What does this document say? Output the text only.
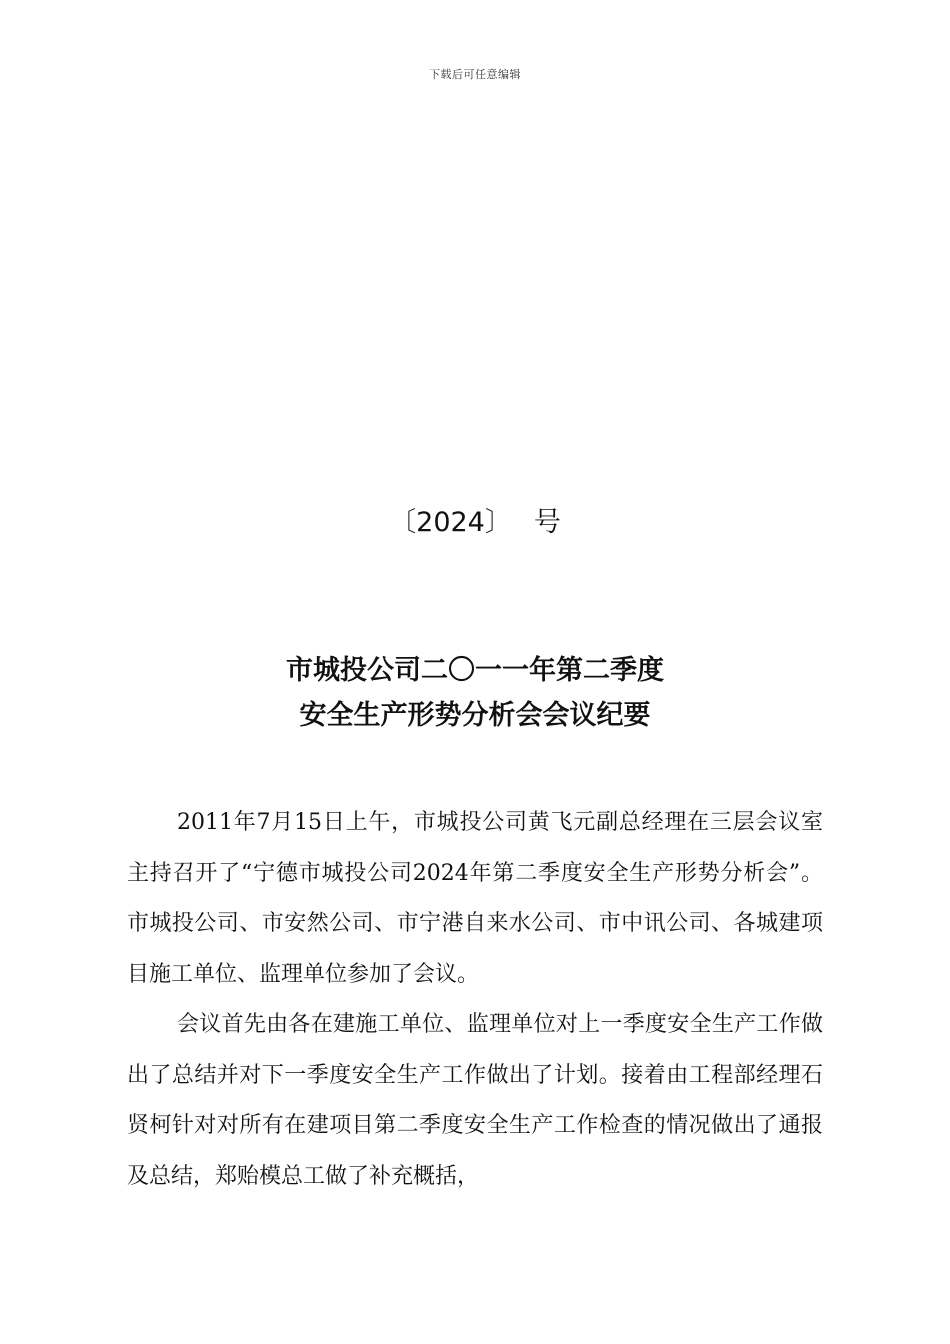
下载后可任意编辑
〔2024〕 号
市城投公司二〇一一年第二季度
安全生产形势分析会会议纪要

2011年7月15日上午，市城投公司黄飞元副总经理在三层会议室主持召开了“宁德市城投公司2024年第二季度安全生产形势分析会”。 市城投公司、市安然公司、市宁港自来水公司、市中讯公司、各城建项目施工单位、监理单位参加了会议。

会议首先由各在建施工单位、监理单位对上一季度安全生产工作做出了总结并对下一季度安全生产工作做出了计划。接着由工程部经理石贤柯针对对所有在建项目第二季度安全生产工作检查的情况做出了通报及总结，郑贻模总工做了补充概括，
